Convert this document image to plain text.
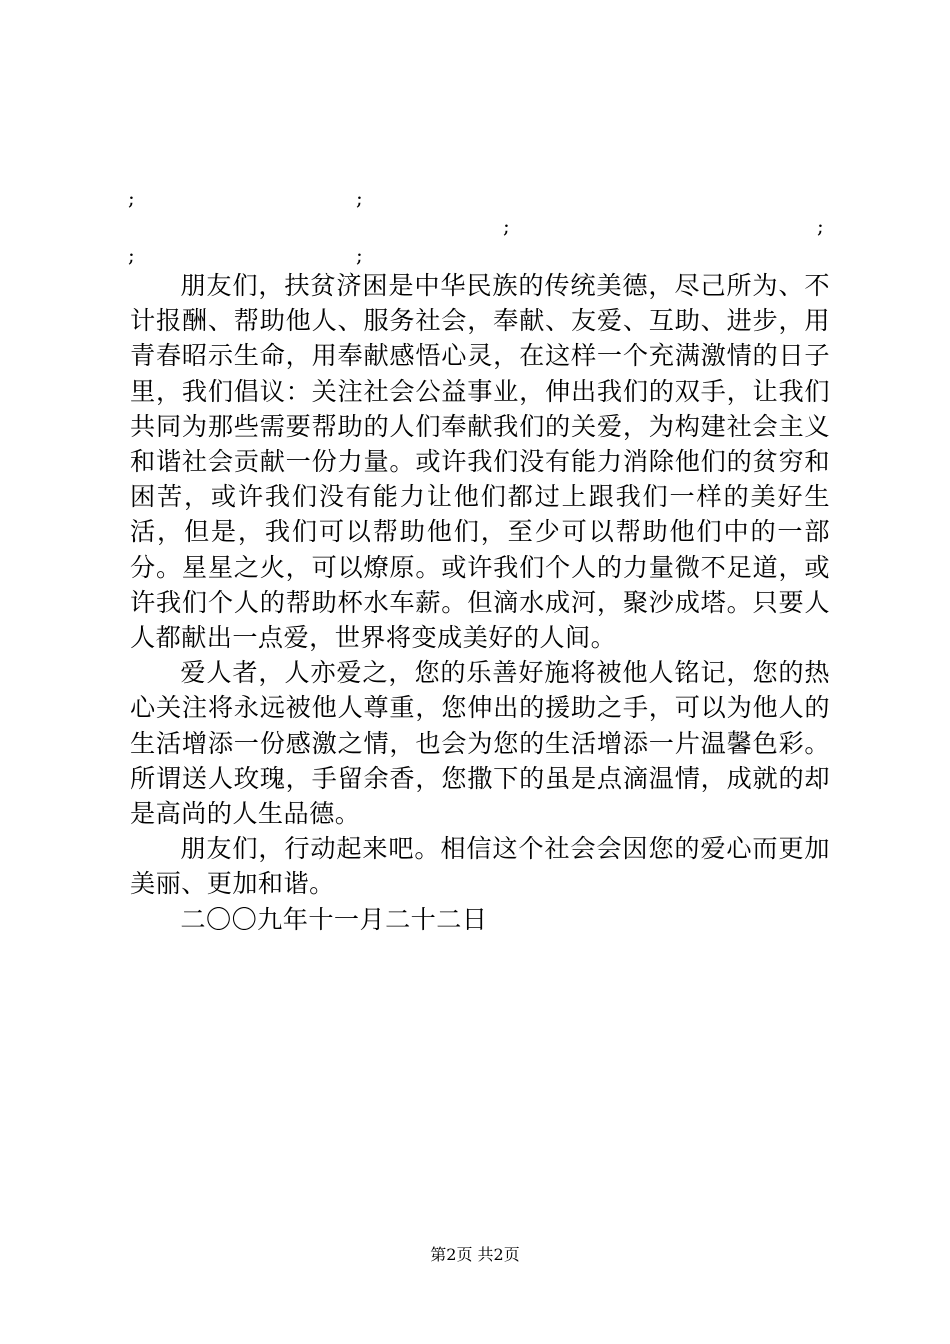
;	;
;	;
;	;

朋友们，扶贫济困是中华民族的传统美德，尽己所为、不计报酬、帮助他人、服务社会，奉献、友爱、互助、进步，用青春昭示生命，用奉献感悟心灵，在这样一个充满激情的日子里，我们倡议：关注社会公益事业，伸出我们的双手，让我们共同为那些需要帮助的人们奉献我们的关爱，为构建社会主义和谐社会贡献一份力量。或许我们没有能力消除他们的贫穷和困苦，或许我们没有能力让他们都过上跟我们一样的美好生活，但是，我们可以帮助他们，至少可以帮助他们中的一部分。星星之火，可以燎原。或许我们个人的力量微不足道，或许我们个人的帮助杯水车薪。但滴水成河，聚沙成塔。只要人人都献出一点爱，世界将变成美好的人间。

爱人者，人亦爱之，您的乐善好施将被他人铭记，您的热心关注将永远被他人尊重，您伸出的援助之手，可以为他人的生活增添一份感激之情，也会为您的生活增添一片温馨色彩。所谓送人玫瑰，手留余香，您撒下的虽是点滴温情，成就的却是高尚的人生品德。

朋友们，行动起来吧。相信这个社会会因您的爱心而更加美丽、更加和谐。

二〇〇九年十一月二十二日

第2页 共2页
